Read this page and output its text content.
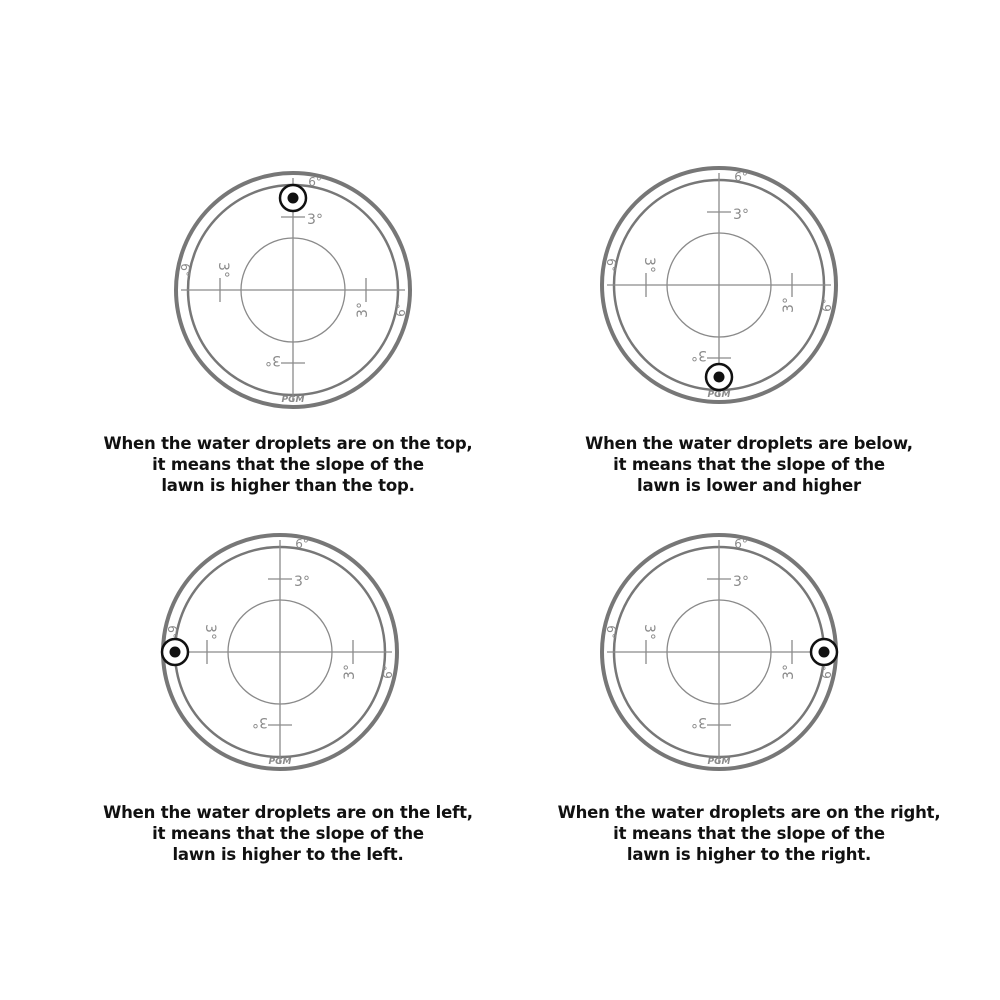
3°
3°
3°
3°
6°
6°
6°
PGM
When the water droplets are on the top,
it means that the slope of the
lawn is higher than the top.
3°
3°
3°
3°
6°
6°
6°
PGM
When the water droplets are below,
it means that the slope of the
lawn is lower and higher
3°
3°
3°
3°
6°
6°
6°
PGM
When the water droplets are on the left,
it means that the slope of the
lawn is higher to the left.
3°
3°
3°
3°
6°
6°
6°
PGM
When the water droplets are on the right,
it means that the slope of the
lawn is higher to the right.
